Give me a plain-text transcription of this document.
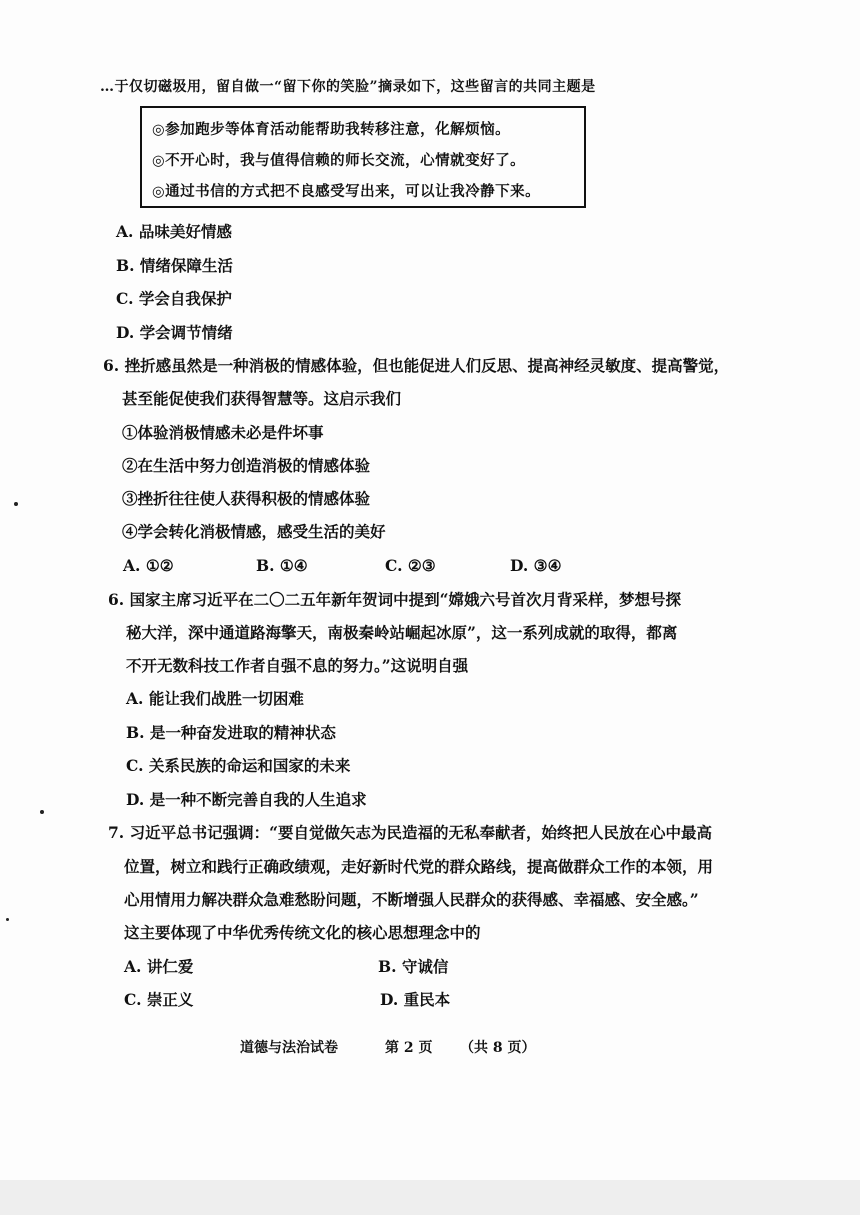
…于仅切磁圾用，留自做一“留下你的笑脸”摘录如下，这些留言的共同主题是
◎参加跑步等体育活动能帮助我转移注意，化解烦恼。
◎不开心时，我与值得信赖的师长交流，心情就变好了。
◎通过书信的方式把不良感受写出来，可以让我冷静下来。
A. 品味美好情感
B. 情绪保障生活
C. 学会自我保护
D. 学会调节情绪
6. 挫折感虽然是一种消极的情感体验，但也能促进人们反思、提高神经灵敏度、提高警觉，
甚至能促使我们获得智慧等。这启示我们
①体验消极情感未必是件坏事
②在生活中努力创造消极的情感体验
③挫折往往使人获得积极的情感体验
④学会转化消极情感，感受生活的美好
A. ①②	B. ①④	C. ②③	D. ③④
6. 国家主席习近平在二〇二五年新年贺词中提到“嫦娥六号首次月背采样，梦想号探
秘大洋，深中通道路海擎天，南极秦岭站崛起冰原”，这一系列成就的取得，都离
不开无数科技工作者自强不息的努力。”这说明自强
A. 能让我们战胜一切困难
B. 是一种奋发进取的精神状态
C. 关系民族的命运和国家的未来
D. 是一种不断完善自我的人生追求
7. 习近平总书记强调：“要自觉做矢志为民造福的无私奉献者，始终把人民放在心中最高
位置，树立和践行正确政绩观，走好新时代党的群众路线，提高做群众工作的本领，用
心用情用力解决群众急难愁盼问题，不断增强人民群众的获得感、幸福感、安全感。”
这主要体现了中华优秀传统文化的核心思想理念中的
A. 讲仁爱	B. 守诚信
C. 崇正义	D. 重民本
道德与法治试卷	第 2 页 （共 8 页）
